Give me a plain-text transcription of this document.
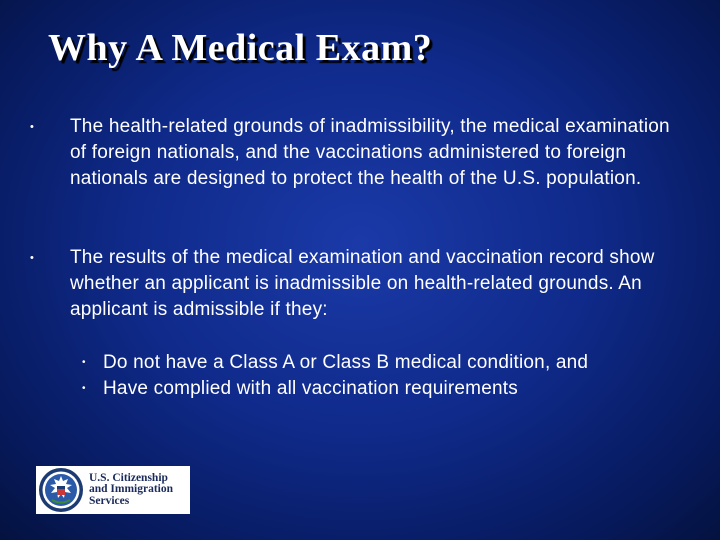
Why A Medical Exam?
•	The health-related grounds of inadmissibility, the medical examination of foreign nationals, and the vaccinations administered to foreign nationals are designed to protect the health of the U.S. population.
•	The results of the medical examination and vaccination record show whether an applicant is inadmissible on health-related grounds. An applicant is admissible if they:
• Do not have a Class A or Class B medical condition, and
• Have complied with all vaccination requirements
U.S. Citizenship
and Immigration
Services
